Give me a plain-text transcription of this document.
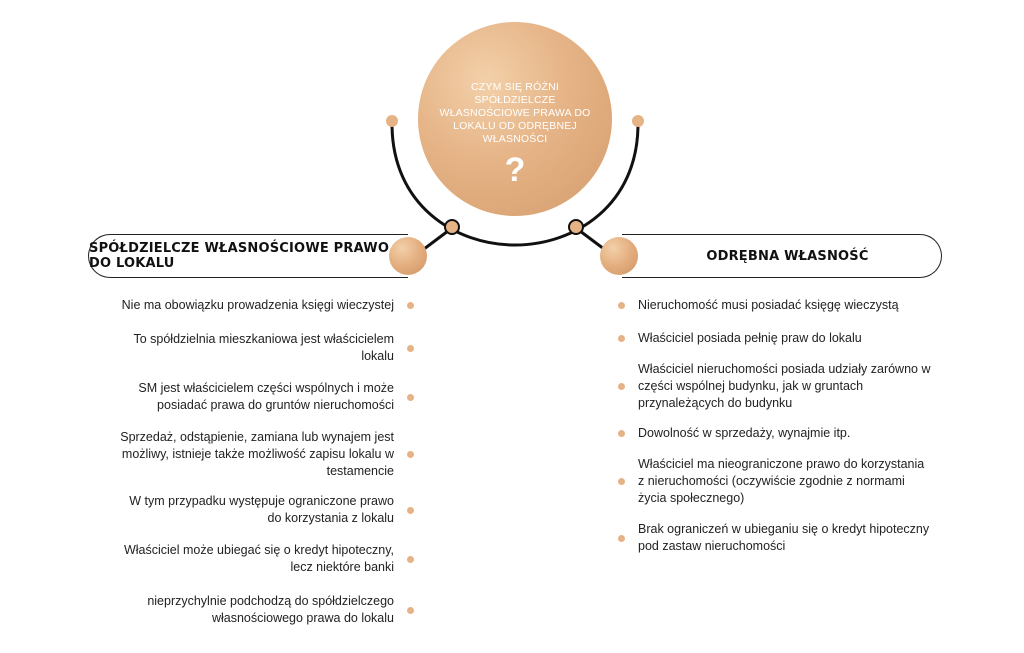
CZYM SIĘ RÓŻNI SPÓŁDZIELCZE WŁASNOŚCIOWE PRAWA DO LOKALU OD ODRĘBNEJ WŁASNOŚCI
?
SPÓŁDZIELCZE WŁASNOŚCIOWE PRAWO DO LOKALU	ODRĘBNA WŁASNOŚĆ
Nie ma obowiązku prowadzenia księgi wieczystej
To spółdzielnia mieszkaniowa jest właścicielem lokalu
SM jest właścicielem części wspólnych i może posiadać prawa do gruntów nieruchomości
Sprzedaż, odstąpienie, zamiana lub wynajem jest możliwy, istnieje także możliwość zapisu lokalu w testamencie
W tym przypadku występuje ograniczone prawo do korzystania z lokalu
Właściciel może ubiegać się o kredyt hipoteczny, lecz niektóre banki
nieprzychylnie podchodzą do spółdzielczego własnościowego prawa do lokalu
Nieruchomość musi posiadać księgę wieczystą
Właściciel posiada pełnię praw do lokalu
Właściciel nieruchomości posiada udziały zarówno w części wspólnej budynku, jak w gruntach przynależących do budynku
Dowolność w sprzedaży, wynajmie itp.
Właściciel ma nieograniczone prawo do korzystania z nieruchomości (oczywiście zgodnie z normami życia społecznego)
Brak ograniczeń w ubieganiu się o kredyt hipoteczny pod zastaw nieruchomości
